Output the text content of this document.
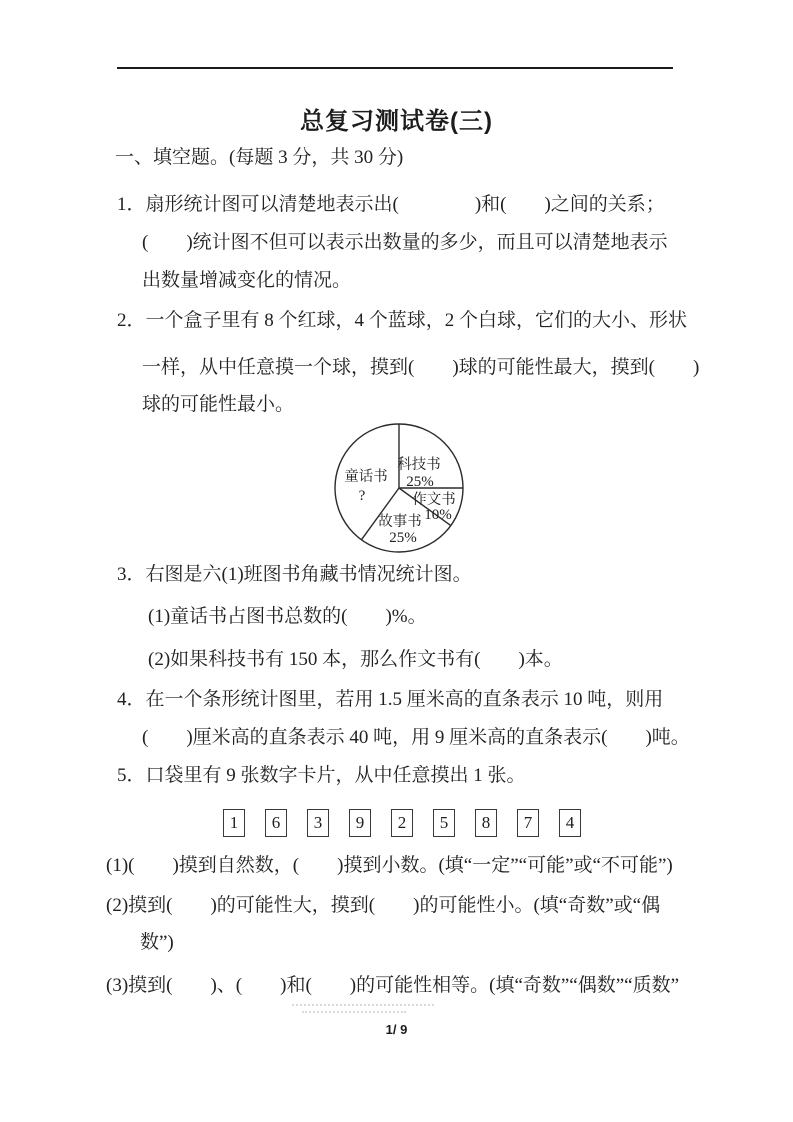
总复习测试卷(三)
一、填空题。(每题 3 分，共 30 分)
1．扇形统计图可以清楚地表示出(　　　　)和(　　)之间的关系；
(　　)统计图不但可以表示出数量的多少，而且可以清楚地表示
出数量增减变化的情况。
2．一个盒子里有 8 个红球，4 个蓝球，2 个白球，它们的大小、形状
一样，从中任意摸一个球，摸到(　　)球的可能性最大，摸到(　　)
球的可能性最小。
科技书
25%
作文书
10%
故事书
25%
童话书
?
3．右图是六(1)班图书角藏书情况统计图。
(1)童话书占图书总数的(　　)%。
(2)如果科技书有 150 本，那么作文书有(　　)本。
4．在一个条形统计图里，若用 1.5 厘米高的直条表示 10 吨，则用
(　　)厘米高的直条表示 40 吨，用 9 厘米高的直条表示(　　)吨。
5．口袋里有 9 张数字卡片，从中任意摸出 1 张。
1	6	3	9	2	5	8	7	4
(1)(　　)摸到自然数，(　　)摸到小数。(填“一定”“可能”或“不可能”)
(2)摸到(　　)的可能性大，摸到(　　)的可能性小。(填“奇数”或“偶
数”)
(3)摸到(　　)、(　　)和(　　)的可能性相等。(填“奇数”“偶数”“质数”
1/ 9
